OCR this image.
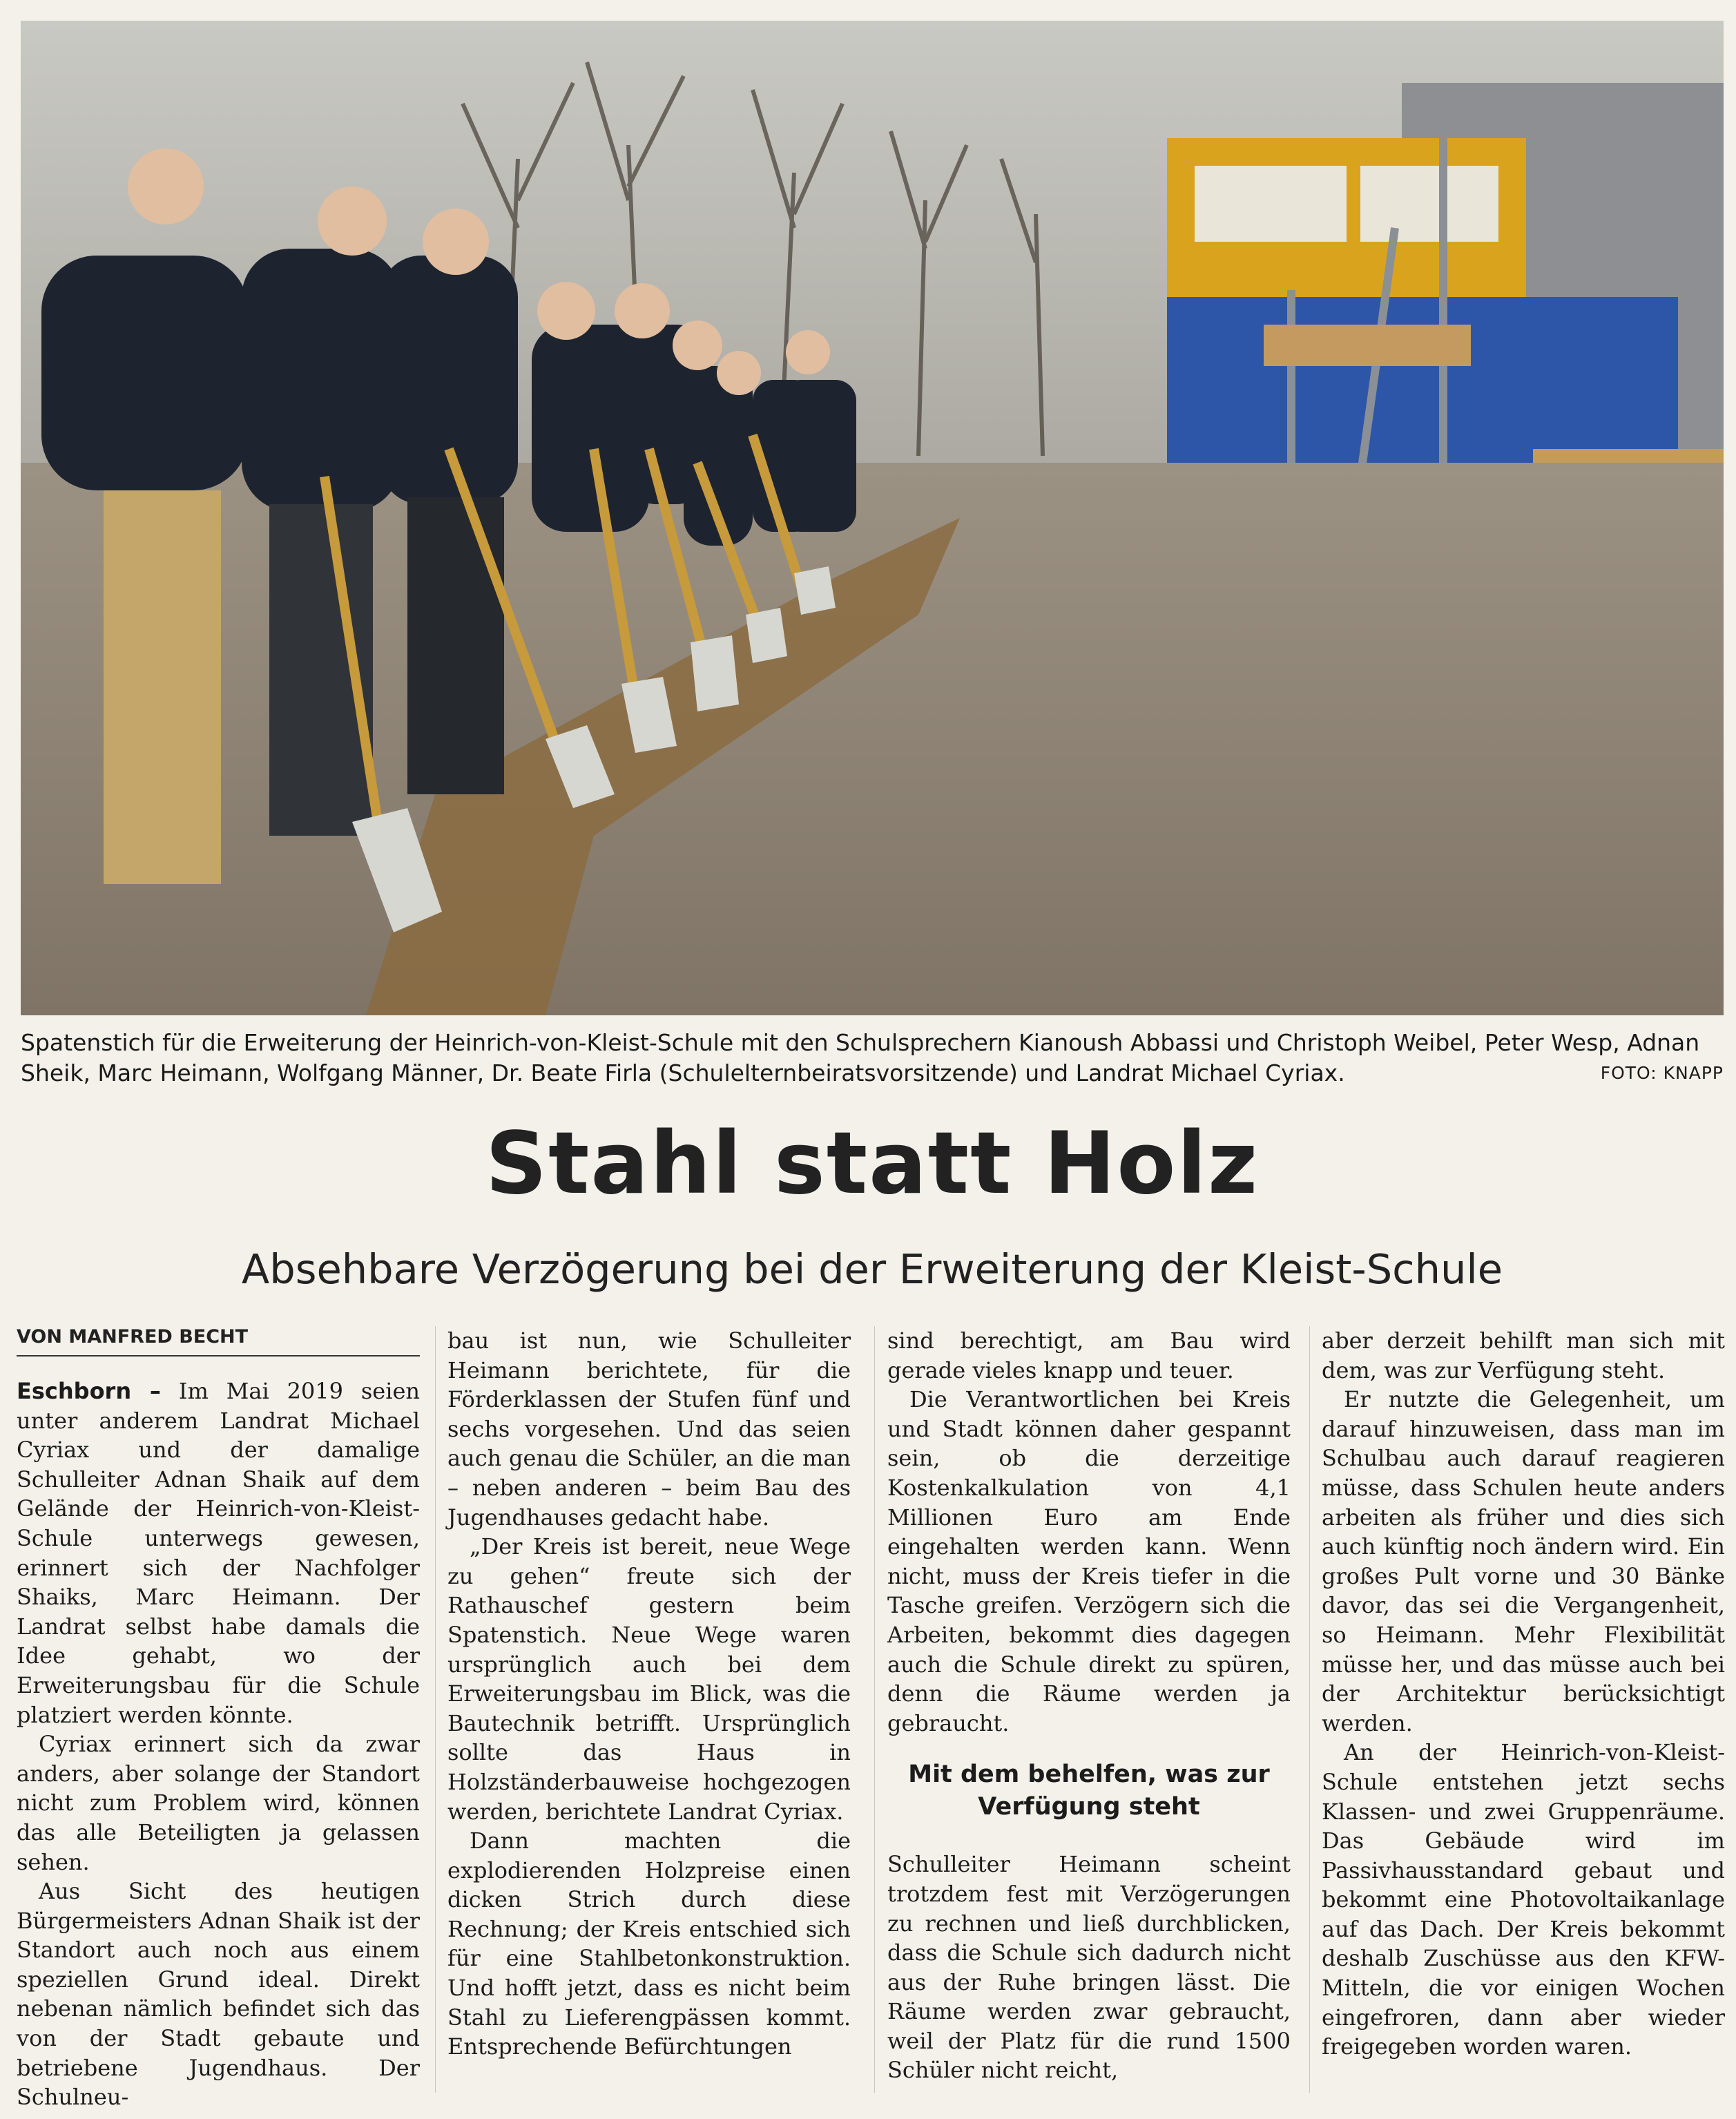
Spatenstich für die Erweiterung der Heinrich-von-Kleist-Schule mit den Schulsprechern Kianoush Abbassi und Christoph Weibel, Peter Wesp, Adnan Sheik, Marc Heimann, Wolfgang Männer, Dr. Beate Firla (Schulelternbeiratsvorsitzende) und Landrat Michael Cyriax.	FOTO: KNAPP
Stahl statt Holz
Absehbare Verzögerung bei der Erweiterung der Kleist-Schule
VON MANFRED BECHT

Eschborn – Im Mai 2019 seien unter anderem Landrat Michael Cyriax und der damalige Schulleiter Adnan Shaik auf dem Gelände der Heinrich-von-Kleist-Schule unterwegs gewesen, erinnert sich der Nachfolger Shaiks, Marc Heimann. Der Landrat selbst habe damals die Idee gehabt, wo der Erweiterungsbau für die Schule platziert werden könnte.

Cyriax erinnert sich da zwar anders, aber solange der Standort nicht zum Problem wird, können das alle Beteiligten ja gelassen sehen.

Aus Sicht des heutigen Bürgermeisters Adnan Shaik ist der Standort auch noch aus einem speziellen Grund ideal. Direkt nebenan nämlich befindet sich das von der Stadt gebaute und betriebene Jugendhaus. Der Schulneu-

bau ist nun, wie Schulleiter Heimann berichtete, für die Förderklassen der Stufen fünf und sechs vorgesehen. Und das seien auch genau die Schüler, an die man – neben anderen – beim Bau des Jugendhauses gedacht habe.

„Der Kreis ist bereit, neue Wege zu gehen“ freute sich der Rathauschef gestern beim Spatenstich. Neue Wege waren ursprünglich auch bei dem Erweiterungsbau im Blick, was die Bautechnik betrifft. Ursprünglich sollte das Haus in Holzständerbauweise hochgezogen werden, berichtete Landrat Cyriax.

Dann machten die explodierenden Holzpreise einen dicken Strich durch diese Rechnung; der Kreis entschied sich für eine Stahlbetonkonstruktion. Und hofft jetzt, dass es nicht beim Stahl zu Lieferengpässen kommt. Entsprechende Befürchtungen

sind berechtigt, am Bau wird gerade vieles knapp und teuer.

Die Verantwortlichen bei Kreis und Stadt können daher gespannt sein, ob die derzeitige Kostenkalkulation von 4,1 Millionen Euro am Ende eingehalten werden kann. Wenn nicht, muss der Kreis tiefer in die Tasche greifen. Verzögern sich die Arbeiten, bekommt dies dagegen auch die Schule direkt zu spüren, denn die Räume werden ja gebraucht.

Mit dem behelfen, was zur Verfügung steht

Schulleiter Heimann scheint trotzdem fest mit Verzögerungen zu rechnen und ließ durchblicken, dass die Schule sich dadurch nicht aus der Ruhe bringen lässt. Die Räume werden zwar gebraucht, weil der Platz für die rund 1500 Schüler nicht reicht,

aber derzeit behilft man sich mit dem, was zur Verfügung steht.

Er nutzte die Gelegenheit, um darauf hinzuweisen, dass man im Schulbau auch darauf reagieren müsse, dass Schulen heute anders arbeiten als früher und dies sich auch künftig noch ändern wird. Ein großes Pult vorne und 30 Bänke davor, das sei die Vergangenheit, so Heimann. Mehr Flexibilität müsse her, und das müsse auch bei der Architektur berücksichtigt werden.

An der Heinrich-von-Kleist-Schule entstehen jetzt sechs Klassen- und zwei Gruppenräume. Das Gebäude wird im Passivhausstandard gebaut und bekommt eine Photovoltaikanlage auf das Dach. Der Kreis bekommt deshalb Zuschüsse aus den KFW-Mitteln, die vor einigen Wochen eingefroren, dann aber wieder freigegeben worden waren.
